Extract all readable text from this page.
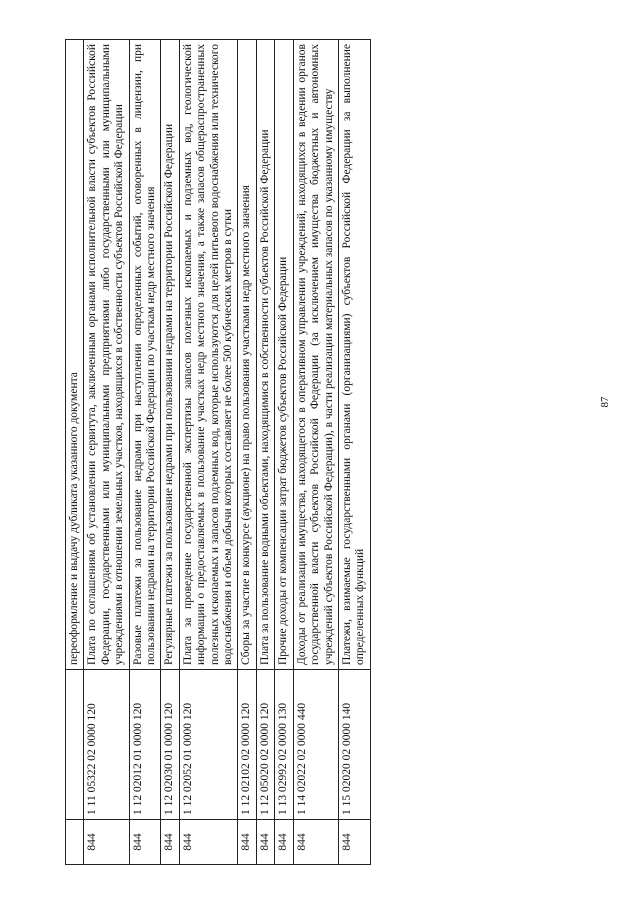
87
		переоформление и выдачу дубликата указанного документа
844	1 11 05322 02 0000 120	Плата по соглашениям об установлении сервитута, заключенным органами исполнительной власти субъектов Российской Федерации, государственными или муниципальными предприятиями либо государственными или муниципальными учреждениями в отношении земельных участков, находящихся в собственности субъектов Российской Федерации
844	1 12 02012 01 0000 120	Разовые платежи за пользование недрами при наступлении определенных событий, оговоренных в лицензии, при пользовании недрами на территории Российской Федерации по участкам недр местного значения
844	1 12 02030 01 0000 120	Регулярные платежи за пользование недрами при пользовании недрами на территории Российской Федерации
844	1 12 02052 01 0000 120	Плата за проведение государственной экспертизы запасов полезных ископаемых и подземных вод, геологической информации о предоставляемых в пользование участках недр местного значения, а также запасов общераспространенных полезных ископаемых и запасов подземных вод, которые используются для целей питьевого водоснабжения или технического водоснабжения и объем добычи которых составляет не более 500 кубических метров в сутки
844	1 12 02102 02 0000 120	Сборы за участие в конкурсе (аукционе) на право пользования участками недр местного значения
844	1 12 05020 02 0000 120	Плата за пользование водными объектами, находящимися в собственности субъектов Российской Федерации
844	1 13 02992 02 0000 130	Прочие доходы от компенсации затрат бюджетов субъектов Российской Федерации
844	1 14 02022 02 0000 440	Доходы от реализации имущества, находящегося в оперативном управлении учреждений, находящихся в ведении органов государственной власти субъектов Российской Федерации (за исключением имущества бюджетных и автономных учреждений субъектов Российской Федерации), в части реализации материальных запасов по указанному имуществу
844	1 15 02020 02 0000 140	Платежи, взимаемые государственными органами (организациями) субъектов Российской Федерации за выполнение определенных функций
